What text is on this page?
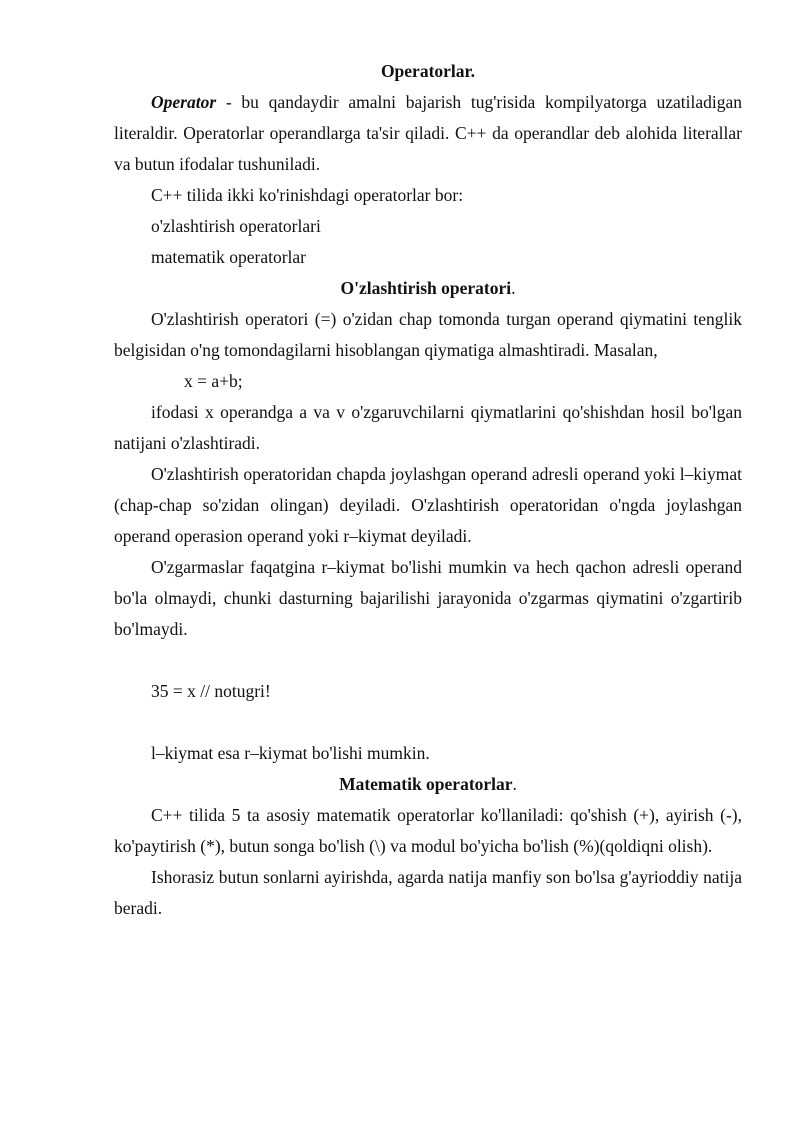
Operatorlar.

Operator - bu qandaydir amalni bajarish tug'risida kompilyatorga uzatiladigan literaldir. Operatorlar operandlarga ta'sir qiladi. C++ da operandlar deb alohida literallar va butun ifodalar tushuniladi.

C++ tilida ikki ko'rinishdagi operatorlar bor:

o'zlashtirish operatorlari

matematik operatorlar

O'zlashtirish operatori.

O'zlashtirish operatori (=) o'zidan chap tomonda turgan operand qiymatini tenglik belgisidan o'ng tomondagilarni hisoblangan qiymatiga almashtiradi. Masalan,

x = a+b;

ifodasi x operandga a va v o'zgaruvchilarni qiymatlarini qo'shishdan hosil bo'lgan natijani o'zlashtiradi.

O'zlashtirish operatoridan chapda joylashgan operand adresli operand yoki l–kiymat (chap-chap so'zidan olingan) deyiladi. O'zlashtirish operatoridan o'ngda joylashgan operand operasion operand yoki r–kiymat deyiladi.

O'zgarmaslar faqatgina r–kiymat bo'lishi mumkin va hech qachon adresli operand bo'la olmaydi, chunki dasturning bajarilishi jarayonida o'zgarmas qiymatini o'zgartirib bo'lmaydi.

35 = x // notugri!

l–kiymat esa r–kiymat bo'lishi mumkin.

Matematik operatorlar.

C++ tilida 5 ta asosiy matematik operatorlar ko'llaniladi: qo'shish (+), ayirish (-), ko'paytirish (*), butun songa bo'lish (\) va modul bo'yicha bo'lish (%)(qoldiqni olish).

Ishorasiz butun sonlarni ayirishda, agarda natija manfiy son bo'lsa g'ayrioddiy natija beradi.
